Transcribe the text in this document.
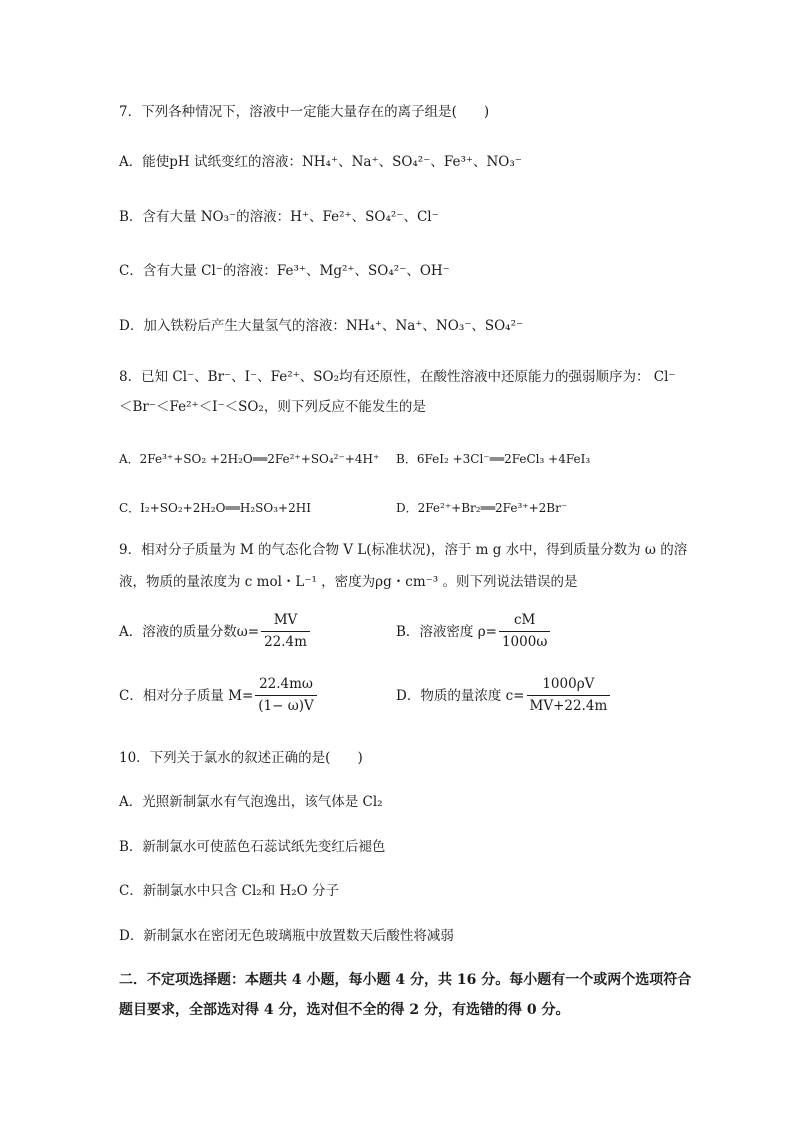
7．下列各种情况下，溶液中一定能大量存在的离子组是(　　)
A．能使pH 试纸变红的溶液：NH₄⁺、Na⁺、SO₄²⁻、Fe³⁺、NO₃⁻
B．含有大量 NO₃⁻的溶液：H⁺、Fe²⁺、SO₄²⁻、Cl⁻
C．含有大量 Cl⁻的溶液：Fe³⁺、Mg²⁺、SO₄²⁻、OH⁻
D．加入铁粉后产生大量氢气的溶液：NH₄⁺、Na⁺、NO₃⁻、SO₄²⁻
8．已知 Cl⁻、Br⁻、I⁻、Fe²⁺、SO₂均有还原性，在酸性溶液中还原能力的强弱顺序为： Cl⁻
＜Br⁻＜Fe²⁺＜I⁻＜SO₂，则下列反应不能发生的是
A．2Fe³⁺+SO₂ +2H₂O══2Fe²⁺+SO₄²⁻+4H⁺ B．6FeI₂ +3Cl⁻══2FeCl₃ +4FeI₃
C．I₂+SO₂+2H₂O══H₂SO₃+2HI	D．2Fe²⁺+Br₂══2Fe³⁺+2Br⁻
9．相对分子质量为 M 的气态化合物 V L(标准状况)，溶于 m g 水中，得到质量分数为 ω 的溶
液，物质的量浓度为 c mol・L⁻¹ ，密度为ρg・cm⁻³ 。则下列说法错误的是
A．溶液的质量分数$\omega= \frac{MV}{22.4m}$	B．溶液密度 $\rho= \frac{cM}{1000\omega}$
C．相对分子质量 $M= \frac{22.4m\omega}{(1- \omega)V}$	D．物质的量浓度 $c= \frac{1000\rho V}{MV+22.4m}$
10．下列关于氯水的叙述正确的是(　　)
A．光照新制氯水有气泡逸出，该气体是 Cl₂
B．新制氯水可使蓝色石蕊试纸先变红后褪色
C．新制氯水中只含 Cl₂和 H₂O 分子
D．新制氯水在密闭无色玻璃瓶中放置数天后酸性将减弱
二．不定项选择题：本题共 4 小题，每小题 4 分，共 16 分。每小题有一个或两个选项符合
题目要求，全部选对得 4 分，选对但不全的得 2 分，有选错的得 0 分。
